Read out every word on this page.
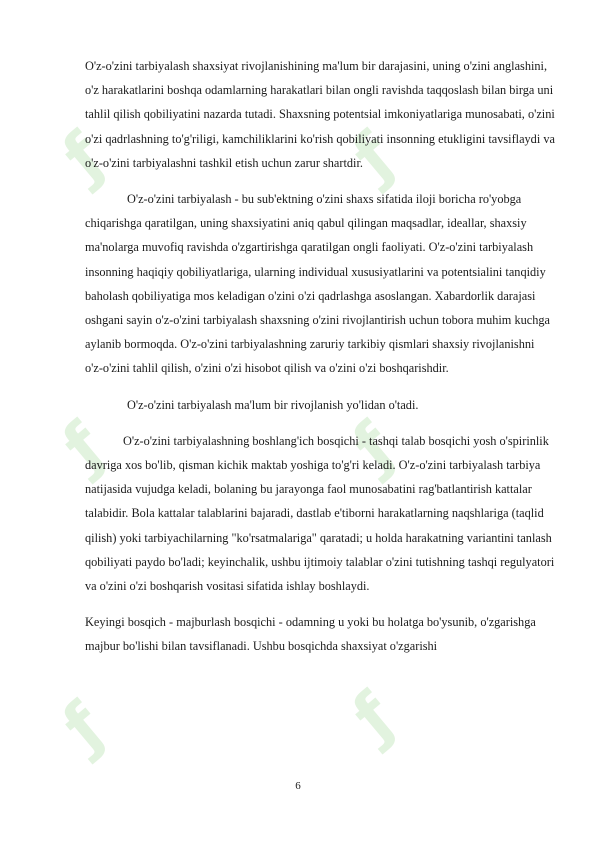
ƒ	ƒ
ƒ	ƒ
ƒ	ƒ

O'z-o'zini tarbiyalash shaxsiyat rivojlanishining ma'lum bir darajasini, uning o'zini anglashini, o'z harakatlarini boshqa odamlarning harakatlari bilan ongli ravishda taqqoslash bilan birga uni tahlil qilish qobiliyatini nazarda tutadi. Shaxsning potentsial imkoniyatlariga munosabati, o'zini o'zi qadrlashning to'g'riligi, kamchiliklarini ko'rish qobiliyati insonning etukligini tavsiflaydi va o'z-o'zini tarbiyalashni tashkil etish uchun zarur shartdir.

O'z-o'zini tarbiyalash - bu sub'ektning o'zini shaxs sifatida iloji boricha ro'yobga chiqarishga qaratilgan, uning shaxsiyatini aniq qabul qilingan maqsadlar, ideallar, shaxsiy ma'nolarga muvofiq ravishda o'zgartirishga qaratilgan ongli faoliyati. O'z-o'zini tarbiyalash insonning haqiqiy qobiliyatlariga, ularning individual xususiyatlarini va potentsialini tanqidiy baholash qobiliyatiga mos keladigan o'zini o'zi qadrlashga asoslangan. Xabardorlik darajasi oshgani sayin o'z-o'zini tarbiyalash shaxsning o'zini rivojlantirish uchun tobora muhim kuchga aylanib bormoqda. O'z-o'zini tarbiyalashning zaruriy tarkibiy qismlari shaxsiy rivojlanishni o'z-o'zini tahlil qilish, o'zini o'zi hisobot qilish va o'zini o'zi boshqarishdir.

O'z-o'zini tarbiyalash ma'lum bir rivojlanish yo'lidan o'tadi.

O'z-o'zini tarbiyalashning boshlang'ich bosqichi - tashqi talab bosqichi yosh o'spirinlik davriga xos bo'lib, qisman kichik maktab yoshiga to'g'ri keladi. O'z-o'zini tarbiyalash tarbiya natijasida vujudga keladi, bolaning bu jarayonga faol munosabatini rag'batlantirish kattalar talabidir. Bola kattalar talablarini bajaradi, dastlab e'tiborni harakatlarning naqshlariga (taqlid qilish) yoki tarbiyachilarning "ko'rsatmalariga" qaratadi; u holda harakatning variantini tanlash qobiliyati paydo bo'ladi; keyinchalik, ushbu ijtimoiy talablar o'zini tutishning tashqi regulyatori va o'zini o'zi boshqarish vositasi sifatida ishlay boshlaydi.

Keyingi bosqich - majburlash bosqichi - odamning u yoki bu holatga bo'ysunib, o'zgarishga majbur bo'lishi bilan tavsiflanadi. Ushbu bosqichda shaxsiyat o'zgarishi

6
